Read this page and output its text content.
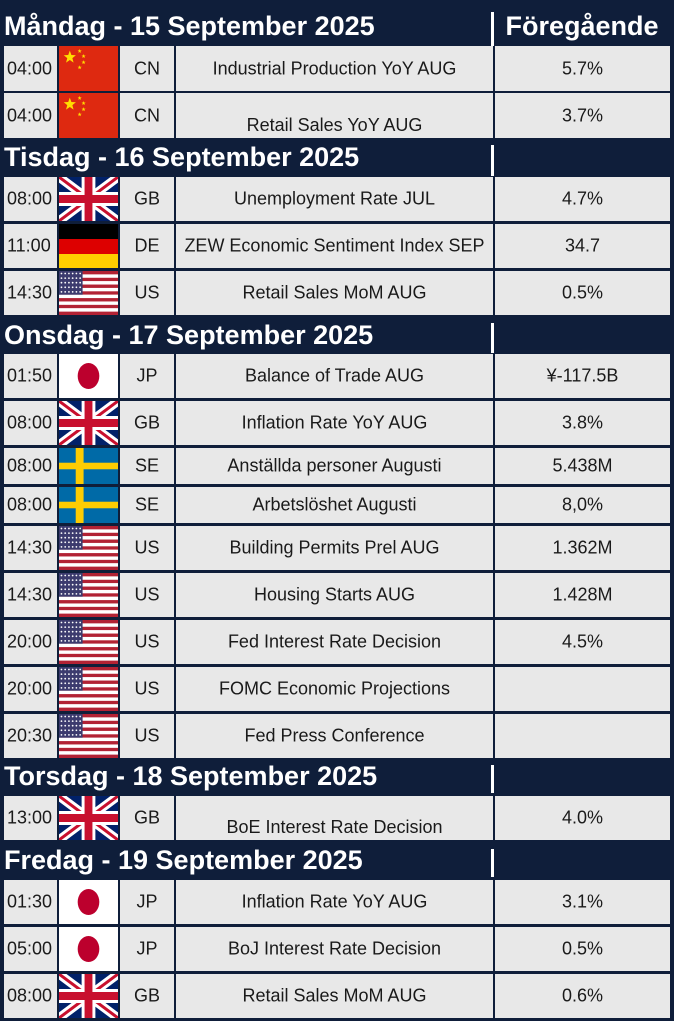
Måndag - 15 September 2025	Föregående
04:00	CN	Industrial Production YoY AUG	5.7%
04:00	CN	Retail Sales YoY AUG	3.7%
Tisdag - 16 September 2025
08:00	GB	Unemployment Rate JUL	4.7%
11:00	DE	ZEW Economic Sentiment Index SEP	34.7
14:30	US	Retail Sales MoM AUG	0.5%
Onsdag - 17 September 2025
01:50	JP	Balance of Trade AUG	¥-117.5B
08:00	GB	Inflation Rate YoY AUG	3.8%
08:00	SE	Anställda personer Augusti	5.438M
08:00	SE	Arbetslöshet Augusti	8,0%
14:30	US	Building Permits Prel AUG	1.362M
14:30	US	Housing Starts AUG	1.428M
20:00	US	Fed Interest Rate Decision	4.5%
20:00	US	FOMC Economic Projections
20:30	US	Fed Press Conference
Torsdag - 18 September 2025
13:00	GB	BoE Interest Rate Decision	4.0%
Fredag - 19 September 2025
01:30	JP	Inflation Rate YoY AUG	3.1%
05:00	JP	BoJ Interest Rate Decision	0.5%
08:00	GB	Retail Sales MoM AUG	0.6%
